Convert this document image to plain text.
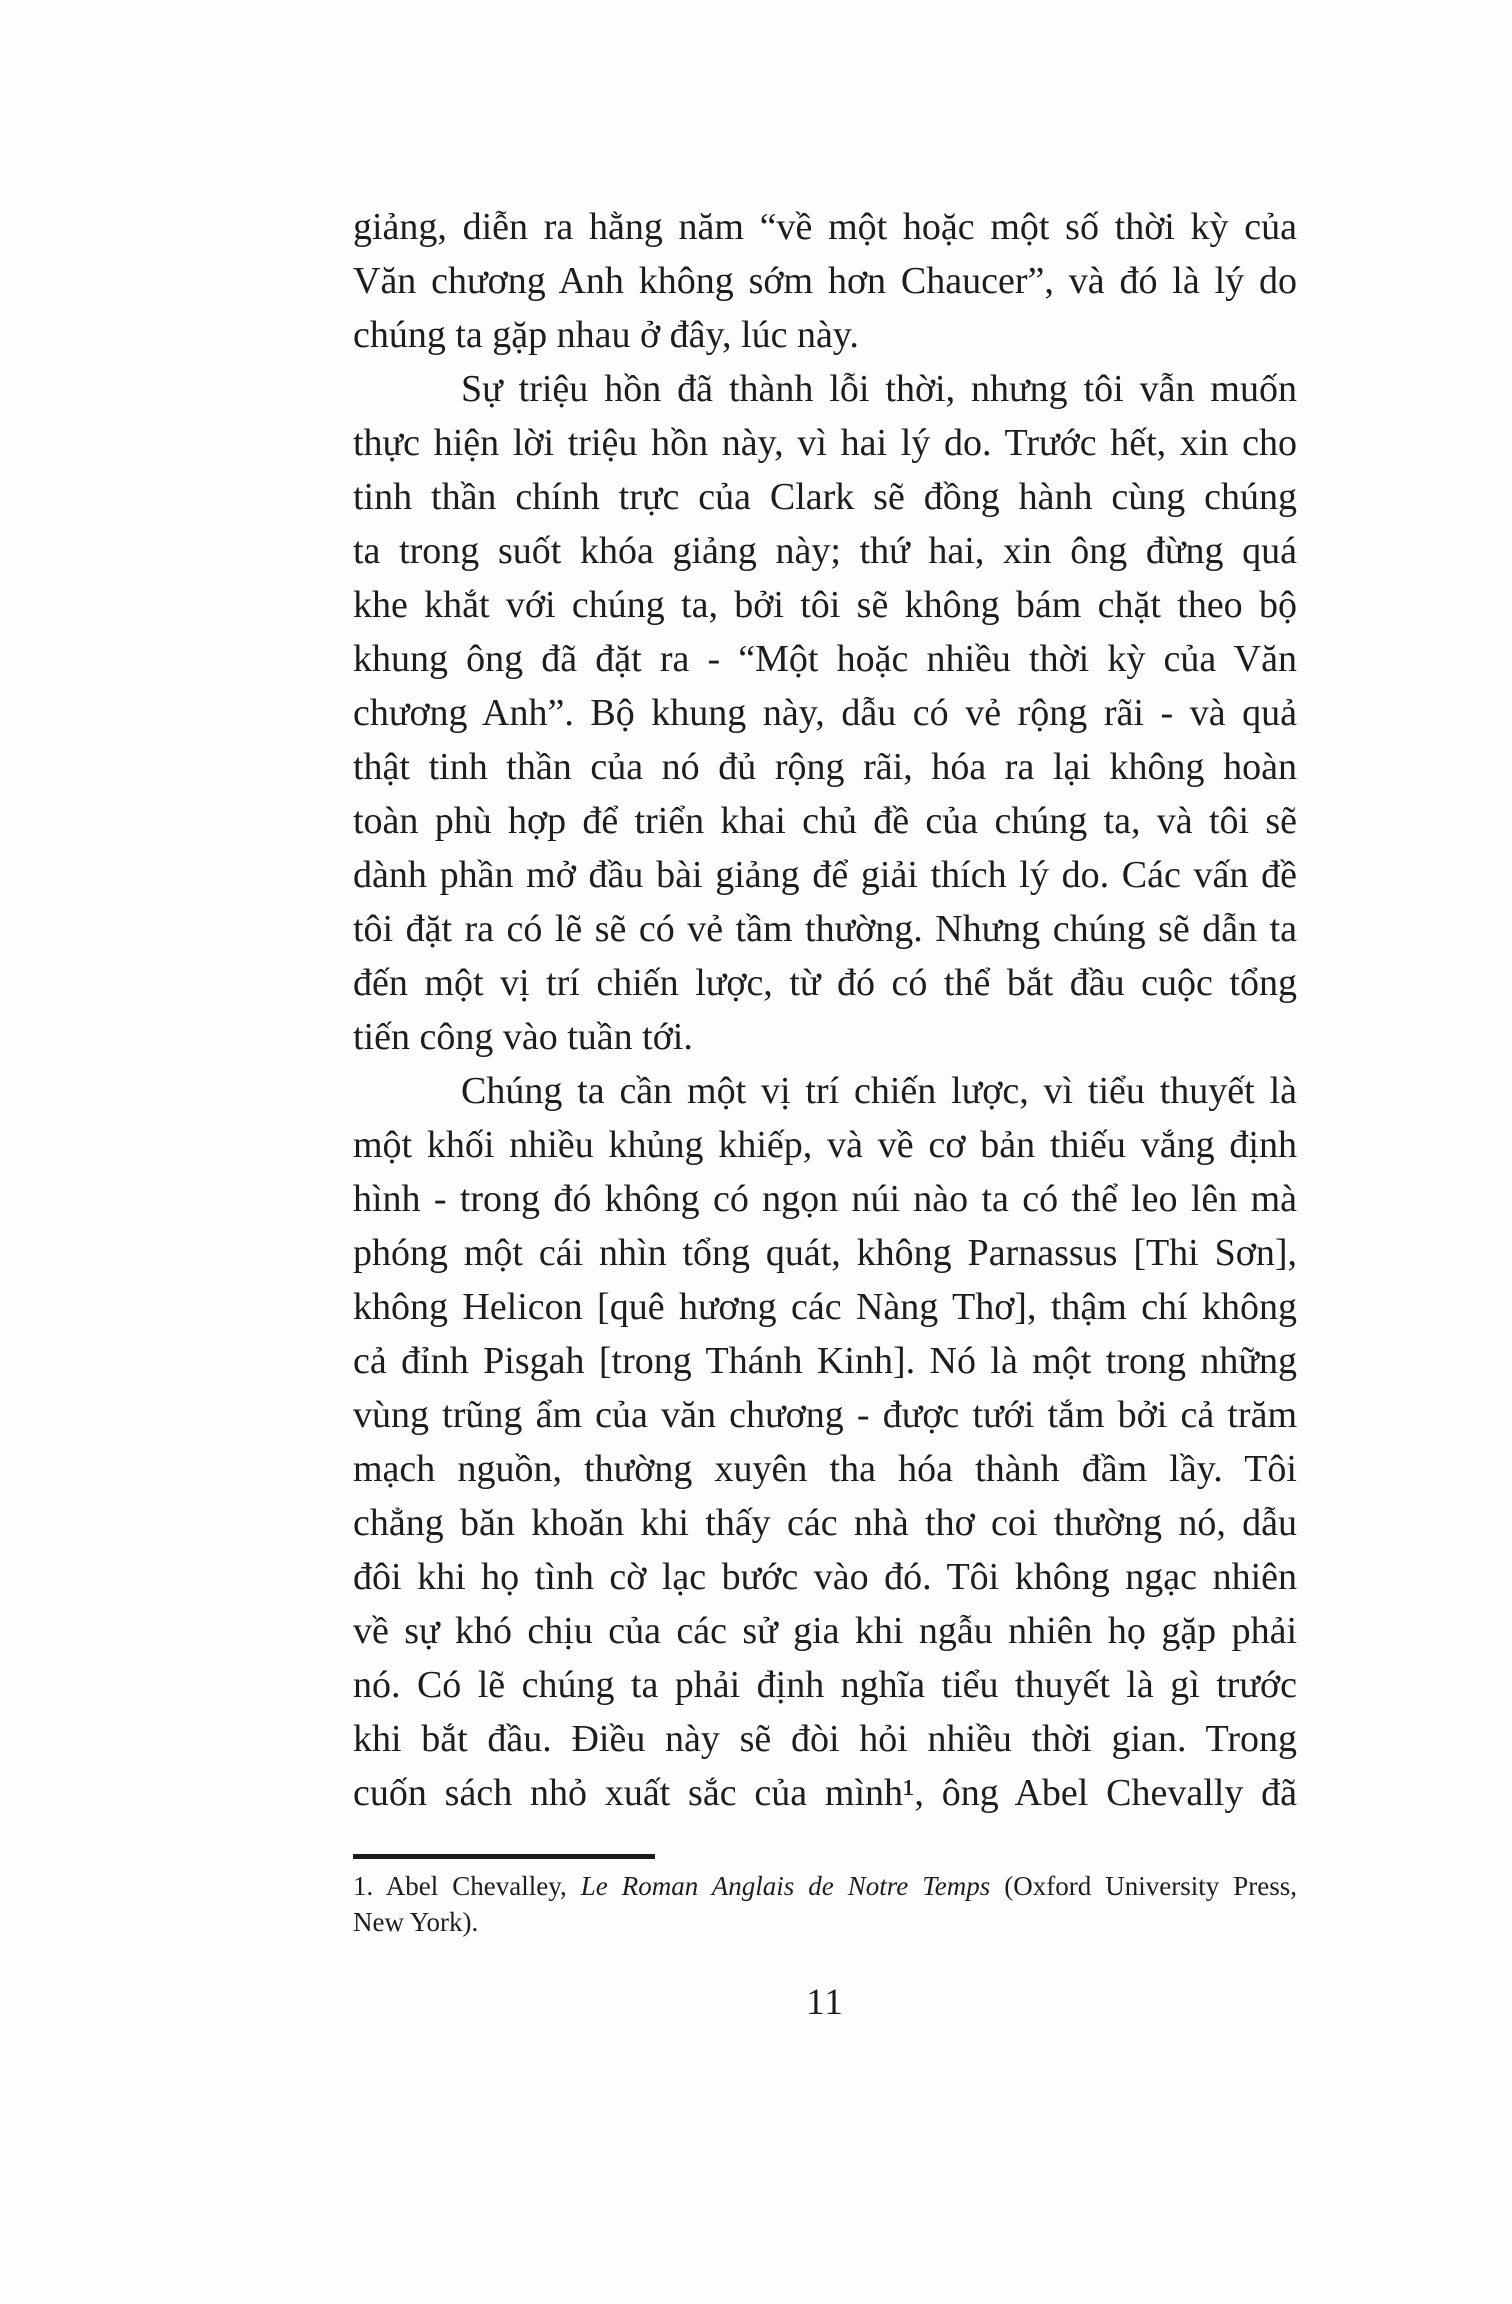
giảng, diễn ra hằng năm “về một hoặc một số thời kỳ của
Văn chương Anh không sớm hơn Chaucer”, và đó là lý do
chúng ta gặp nhau ở đây, lúc này.
Sự triệu hồn đã thành lỗi thời, nhưng tôi vẫn muốn
thực hiện lời triệu hồn này, vì hai lý do. Trước hết, xin cho
tinh thần chính trực của Clark sẽ đồng hành cùng chúng
ta trong suốt khóa giảng này; thứ hai, xin ông đừng quá
khe khắt với chúng ta, bởi tôi sẽ không bám chặt theo bộ
khung ông đã đặt ra - “Một hoặc nhiều thời kỳ của Văn
chương Anh”. Bộ khung này, dẫu có vẻ rộng rãi - và quả
thật tinh thần của nó đủ rộng rãi, hóa ra lại không hoàn
toàn phù hợp để triển khai chủ đề của chúng ta, và tôi sẽ
dành phần mở đầu bài giảng để giải thích lý do. Các vấn đề
tôi đặt ra có lẽ sẽ có vẻ tầm thường. Nhưng chúng sẽ dẫn ta
đến một vị trí chiến lược, từ đó có thể bắt đầu cuộc tổng
tiến công vào tuần tới.
Chúng ta cần một vị trí chiến lược, vì tiểu thuyết là
một khối nhiều khủng khiếp, và về cơ bản thiếu vắng định
hình - trong đó không có ngọn núi nào ta có thể leo lên mà
phóng một cái nhìn tổng quát, không Parnassus [Thi Sơn],
không Helicon [quê hương các Nàng Thơ], thậm chí không
cả đỉnh Pisgah [trong Thánh Kinh]. Nó là một trong những
vùng trũng ẩm của văn chương - được tưới tắm bởi cả trăm
mạch nguồn, thường xuyên tha hóa thành đầm lầy. Tôi
chẳng băn khoăn khi thấy các nhà thơ coi thường nó, dẫu
đôi khi họ tình cờ lạc bước vào đó. Tôi không ngạc nhiên
về sự khó chịu của các sử gia khi ngẫu nhiên họ gặp phải
nó. Có lẽ chúng ta phải định nghĩa tiểu thuyết là gì trước
khi bắt đầu. Điều này sẽ đòi hỏi nhiều thời gian. Trong
cuốn sách nhỏ xuất sắc của mình¹, ông Abel Chevally đã
1. Abel Chevalley, Le Roman Anglais de Notre Temps (Oxford University Press,
New York).
11
